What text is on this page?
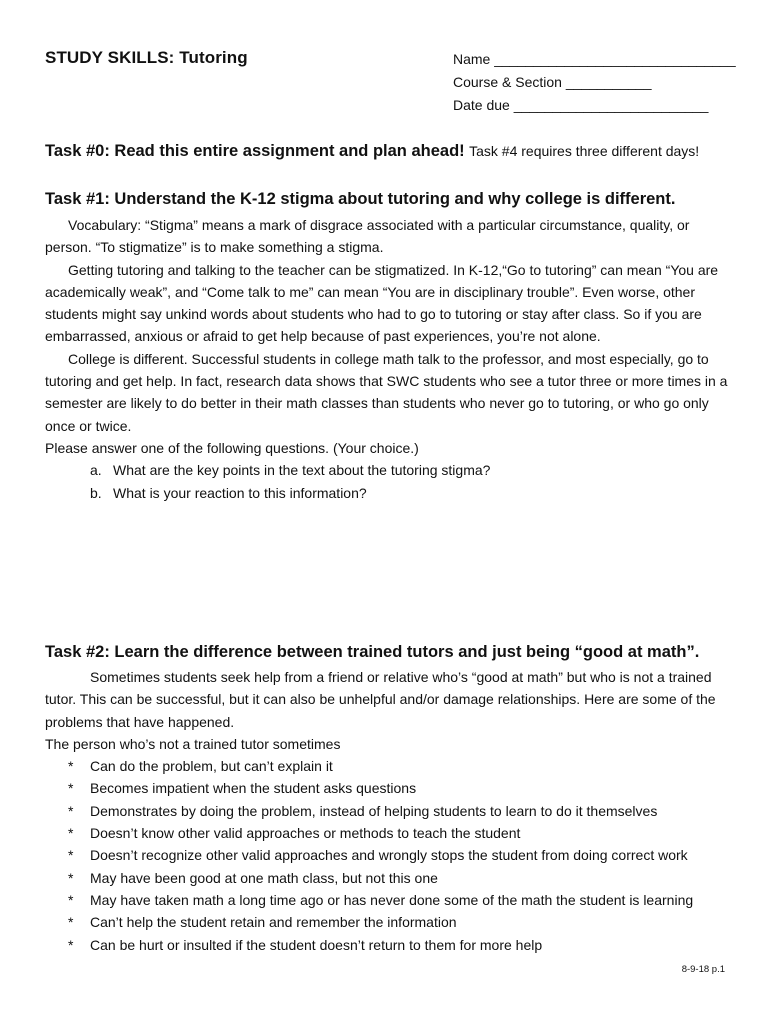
STUDY SKILLS: Tutoring	Name _______________________________
Course & Section ___________
Date due _________________________
Task #0: Read this entire assignment and plan ahead! Task #4 requires three different days!
Task #1: Understand the K-12 stigma about tutoring and why college is different.

Vocabulary: “Stigma” means a mark of disgrace associated with a particular circumstance, quality, or person. “To stigmatize” is to make something a stigma.

Getting tutoring and talking to the teacher can be stigmatized. In K-12,“Go to tutoring” can mean “You are academically weak”, and “Come talk to me” can mean “You are in disciplinary trouble”. Even worse, other students might say unkind words about students who had to go to tutoring or stay after class. So if you are embarrassed, anxious or afraid to get help because of past experiences, you’re not alone.

College is different. Successful students in college math talk to the professor, and most especially, go to tutoring and get help. In fact, research data shows that SWC students who see a tutor three or more times in a semester are likely to do better in their math classes than students who never go to tutoring, or who go only once or twice.

Please answer one of the following questions. (Your choice.)

a. What are the key points in the text about the tutoring stigma?
b. What is your reaction to this information?
Task #2: Learn the difference between trained tutors and just being “good at math”.

Sometimes students seek help from a friend or relative who’s “good at math” but who is not a trained tutor. This can be successful, but it can also be unhelpful and/or damage relationships. Here are some of the problems that have happened.

The person who’s not a trained tutor sometimes

* Can do the problem, but can’t explain it
* Becomes impatient when the student asks questions
* Demonstrates by doing the problem, instead of helping students to learn to do it themselves
* Doesn’t know other valid approaches or methods to teach the student
* Doesn’t recognize other valid approaches and wrongly stops the student from doing correct work
* May have been good at one math class, but not this one
* May have taken math a long time ago or has never done some of the math the student is learning
* Can’t help the student retain and remember the information
* Can be hurt or insulted if the student doesn’t return to them for more help
8-9-18 p.1
